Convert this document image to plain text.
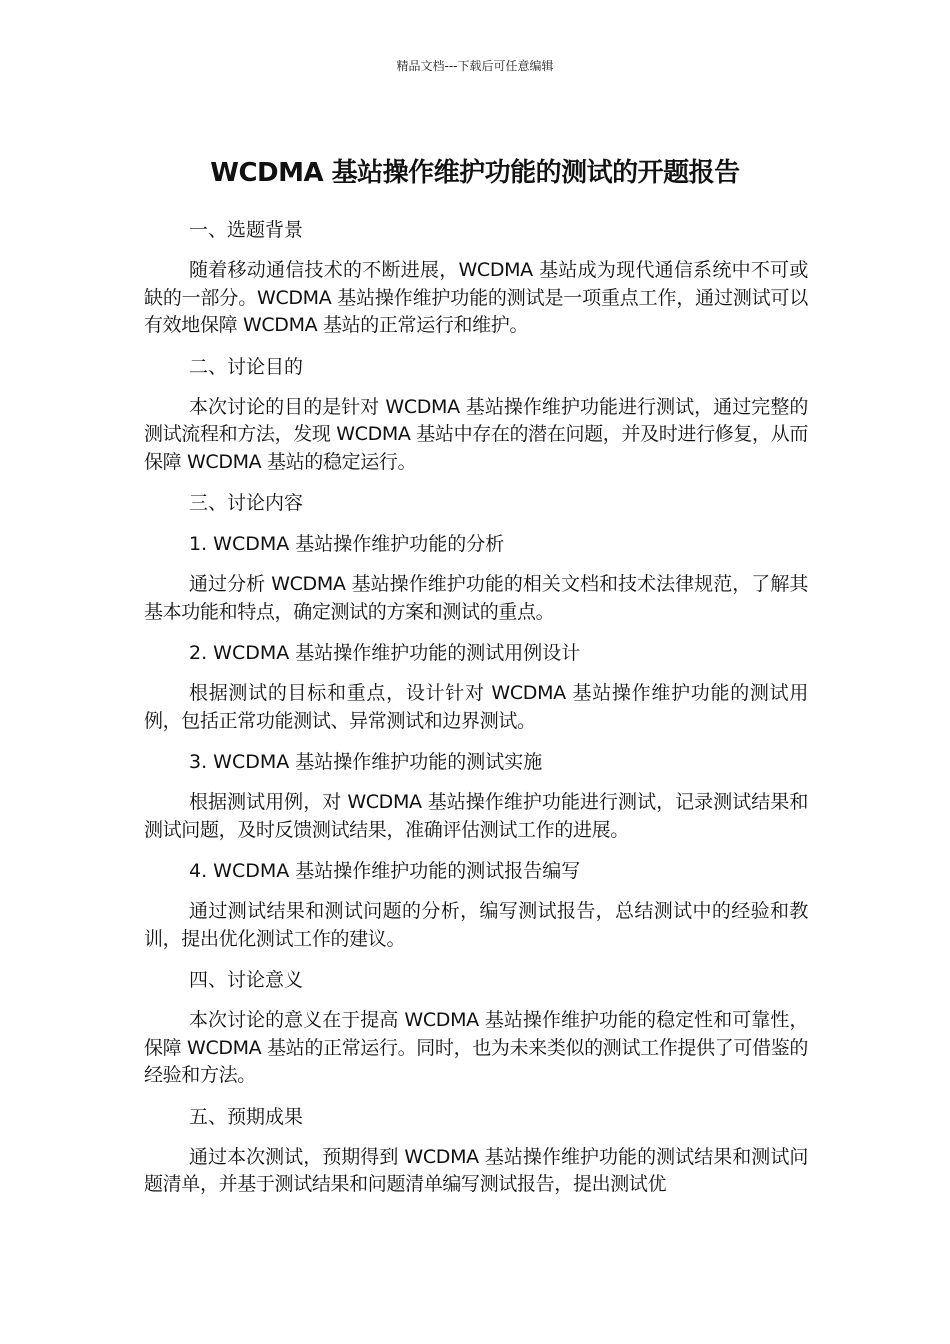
精品文档---下载后可任意编辑
WCDMA 基站操作维护功能的测试的开题报告
一、选题背景

随着移动通信技术的不断进展，WCDMA 基站成为现代通信系统中不可或缺的一部分。WCDMA 基站操作维护功能的测试是一项重点工作，通过测试可以有效地保障 WCDMA 基站的正常运行和维护。

二、讨论目的

本次讨论的目的是针对 WCDMA 基站操作维护功能进行测试，通过完整的测试流程和方法，发现 WCDMA 基站中存在的潜在问题，并及时进行修复，从而保障 WCDMA 基站的稳定运行。

三、讨论内容
1. WCDMA 基站操作维护功能的分析

通过分析 WCDMA 基站操作维护功能的相关文档和技术法律规范，了解其基本功能和特点，确定测试的方案和测试的重点。

2. WCDMA 基站操作维护功能的测试用例设计

根据测试的目标和重点，设计针对 WCDMA 基站操作维护功能的测试用例，包括正常功能测试、异常测试和边界测试。

3. WCDMA 基站操作维护功能的测试实施

根据测试用例，对 WCDMA 基站操作维护功能进行测试，记录测试结果和测试问题，及时反馈测试结果，准确评估测试工作的进展。

4. WCDMA 基站操作维护功能的测试报告编写

通过测试结果和测试问题的分析，编写测试报告，总结测试中的经验和教训，提出优化测试工作的建议。

四、讨论意义

本次讨论的意义在于提高 WCDMA 基站操作维护功能的稳定性和可靠性，保障 WCDMA 基站的正常运行。同时，也为未来类似的测试工作提供了可借鉴的经验和方法。

五、预期成果

通过本次测试，预期得到 WCDMA 基站操作维护功能的测试结果和测试问题清单，并基于测试结果和问题清单编写测试报告，提出测试优
